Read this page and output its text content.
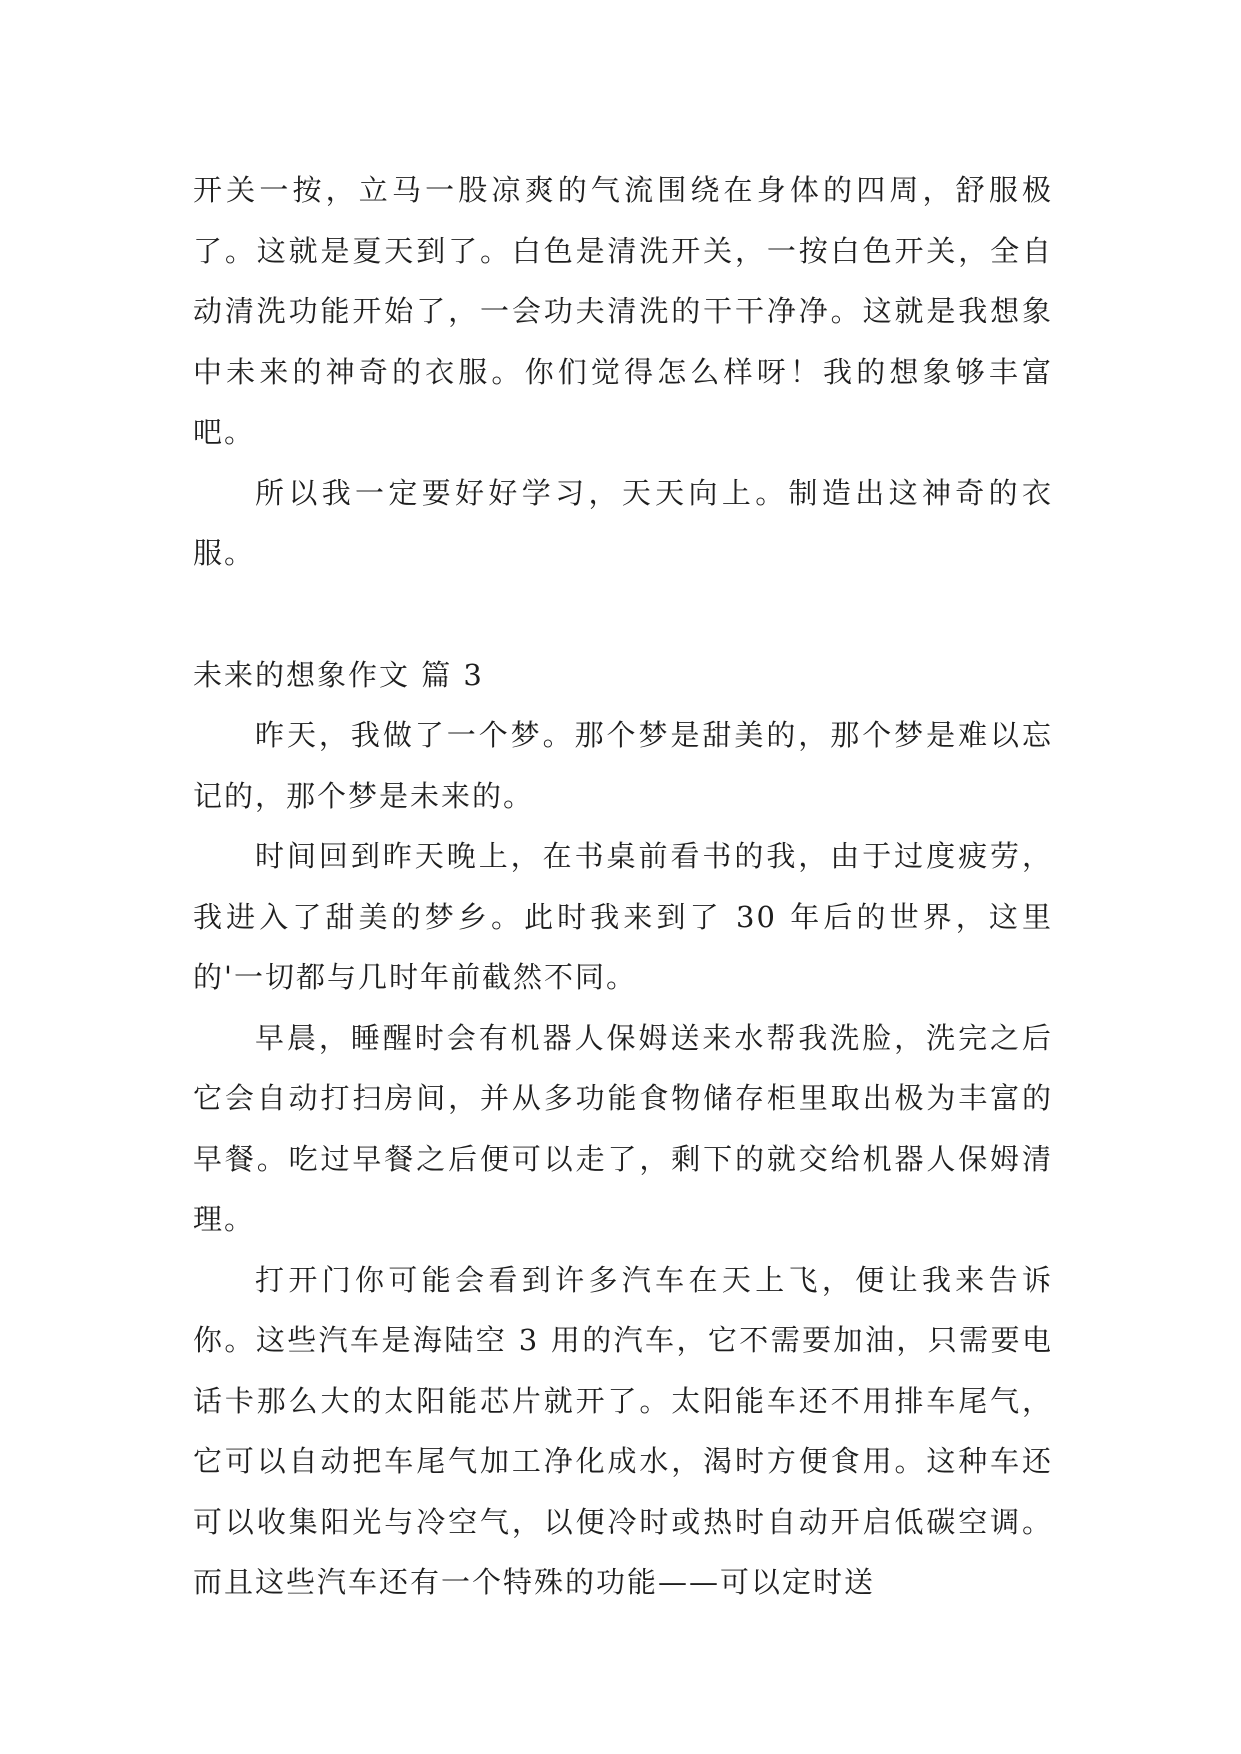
开关一按，立马一股凉爽的气流围绕在身体的四周，舒服极了。这就是夏天到了。白色是清洗开关，一按白色开关，全自动清洗功能开始了，一会功夫清洗的干干净净。这就是我想象中未来的神奇的衣服。你们觉得怎么样呀！我的想象够丰富吧。

所以我一定要好好学习，天天向上。制造出这神奇的衣服。

未来的想象作文 篇 3

昨天，我做了一个梦。那个梦是甜美的，那个梦是难以忘记的，那个梦是未来的。

时间回到昨天晚上，在书桌前看书的我，由于过度疲劳，我进入了甜美的梦乡。此时我来到了 30 年后的世界，这里的'一切都与几时年前截然不同。

早晨，睡醒时会有机器人保姆送来水帮我洗脸，洗完之后它会自动打扫房间，并从多功能食物储存柜里取出极为丰富的早餐。吃过早餐之后便可以走了，剩下的就交给机器人保姆清理。

打开门你可能会看到许多汽车在天上飞，便让我来告诉你。这些汽车是海陆空 3 用的汽车，它不需要加油，只需要电话卡那么大的太阳能芯片就开了。太阳能车还不用排车尾气，它可以自动把车尾气加工净化成水，渴时方便食用。这种车还可以收集阳光与冷空气，以便冷时或热时自动开启低碳空调。而且这些汽车还有一个特殊的功能——可以定时送
